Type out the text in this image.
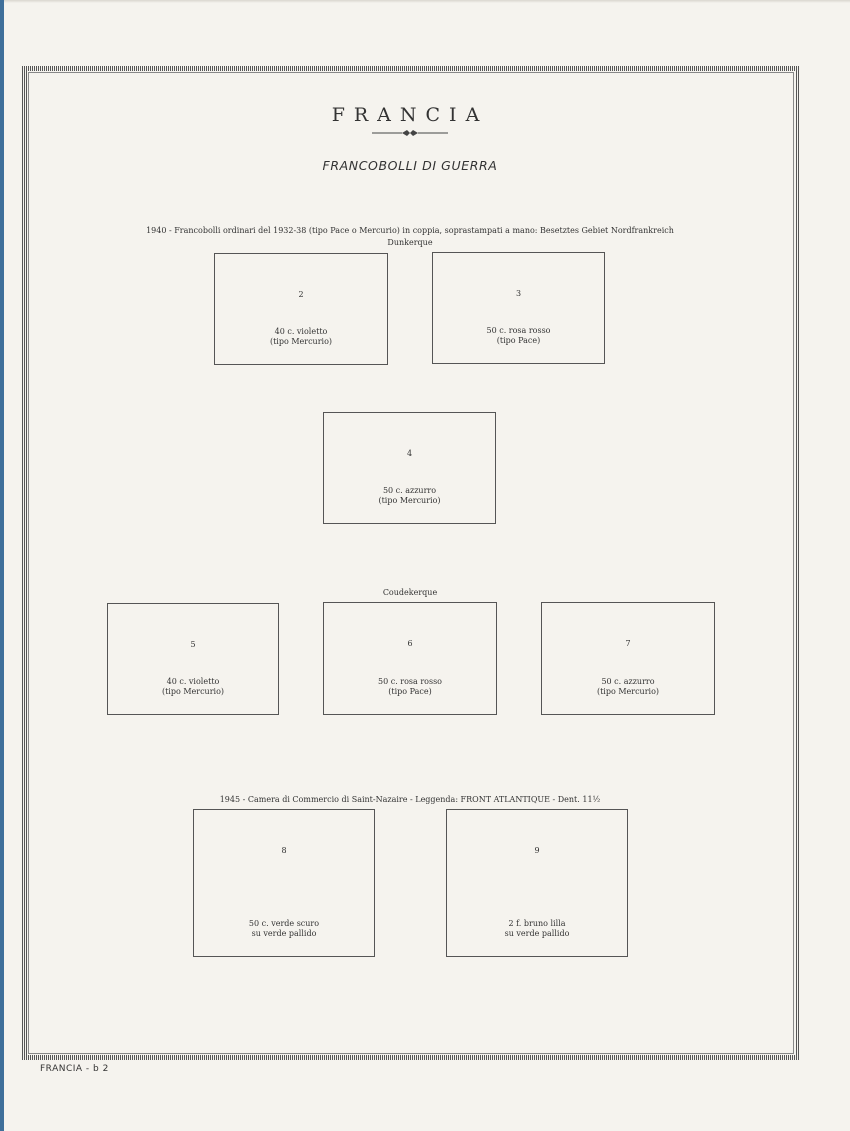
FRANCIA
FRANCOBOLLI DI GUERRA
1940 - Francobolli ordinari del 1932-38 (tipo Pace o Mercurio) in coppia, soprastampati a mano: Besetztes Gebiet Nordfrankreich
Dunkerque
2
40 c. violetto
(tipo Mercurio)
3
50 c. rosa rosso
(tipo Pace)
4
50 c. azzurro
(tipo Mercurio)
Coudekerque
5
40 c. violetto
(tipo Mercurio)
6
50 c. rosa rosso
(tipo Pace)
7
50 c. azzurro
(tipo Mercurio)
1945 - Camera di Commercio di Saint-Nazaire - Leggenda: FRONT ATLANTIQUE - Dent. 11½
8
50 c. verde scuro
su verde pallido
9
2 f. bruno lilla
su verde pallido
FRANCIA - b 2
